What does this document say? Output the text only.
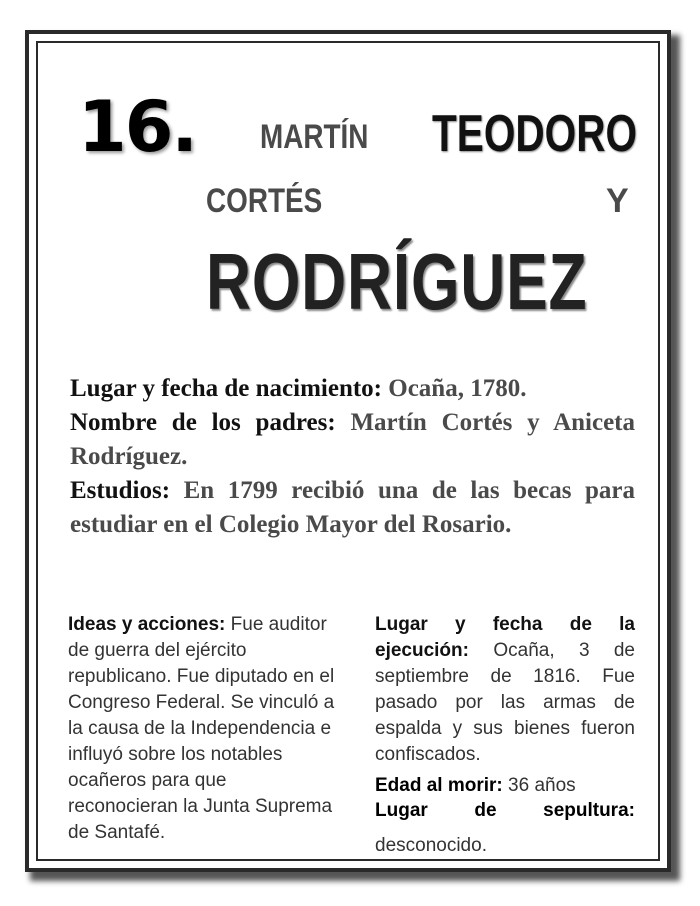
16. MARTÍN TEODORO
CORTÉS	Y
RODRÍGUEZ
Lugar y fecha de nacimiento: Ocaña, 1780.
Nombre de los padres: Martín Cortés y Aniceta Rodríguez.
Estudios: En 1799 recibió una de las becas para estudiar en el Colegio Mayor del Rosario.
Ideas y acciones: Fue auditor de guerra del ejército republicano. Fue diputado en el Congreso Federal. Se vinculó a la causa de la Independencia e influyó sobre los notables ocañeros para que reconocieran la Junta Suprema de Santafé.
Lugar y fecha de la ejecución: Ocaña, 3 de septiembre de 1816. Fue pasado por las armas de espalda y sus bienes fueron confiscados.
Edad al morir: 36 años
Lugar de sepultura:
desconocido.
